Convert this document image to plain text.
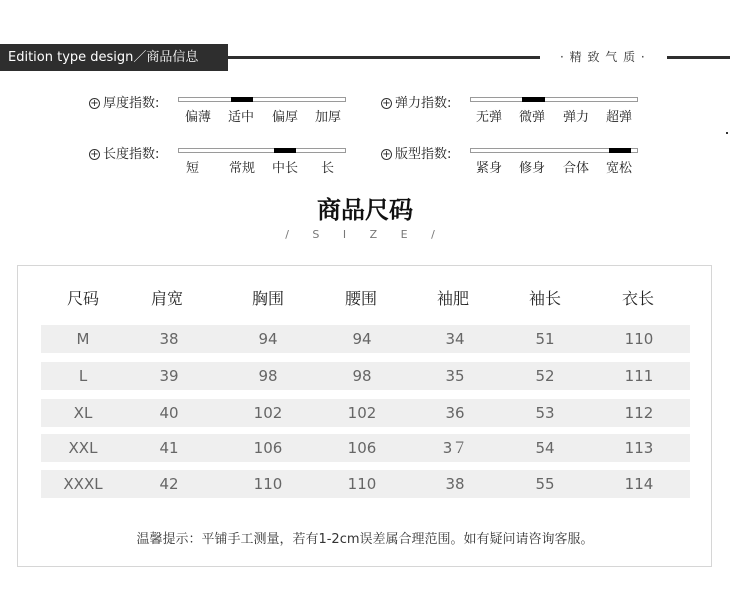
Edition type design／商品信息	· 精 致 气 质 ·
+ 厚度指数:
偏薄 适中 偏厚 加厚
+ 弹力指数:
无弹 微弹 弹力 超弹
+ 长度指数:
短 常规 中长 长
+ 版型指数:
紧身 修身 合体 宽松
商品尺码
/ S I Z E /
尺码	肩宽	胸围	腰围	袖肥	袖长	衣长
M	38	94	94	34	51	110
L	39	98	98	35	52	111
XL	40	102	102	36	53	112
XXL	41	106	106	3７	54	113
XXXL	42	110	110	38	55	114
温馨提示：平铺手工测量，若有1-2cm误差属合理范围。如有疑问请咨询客服。
